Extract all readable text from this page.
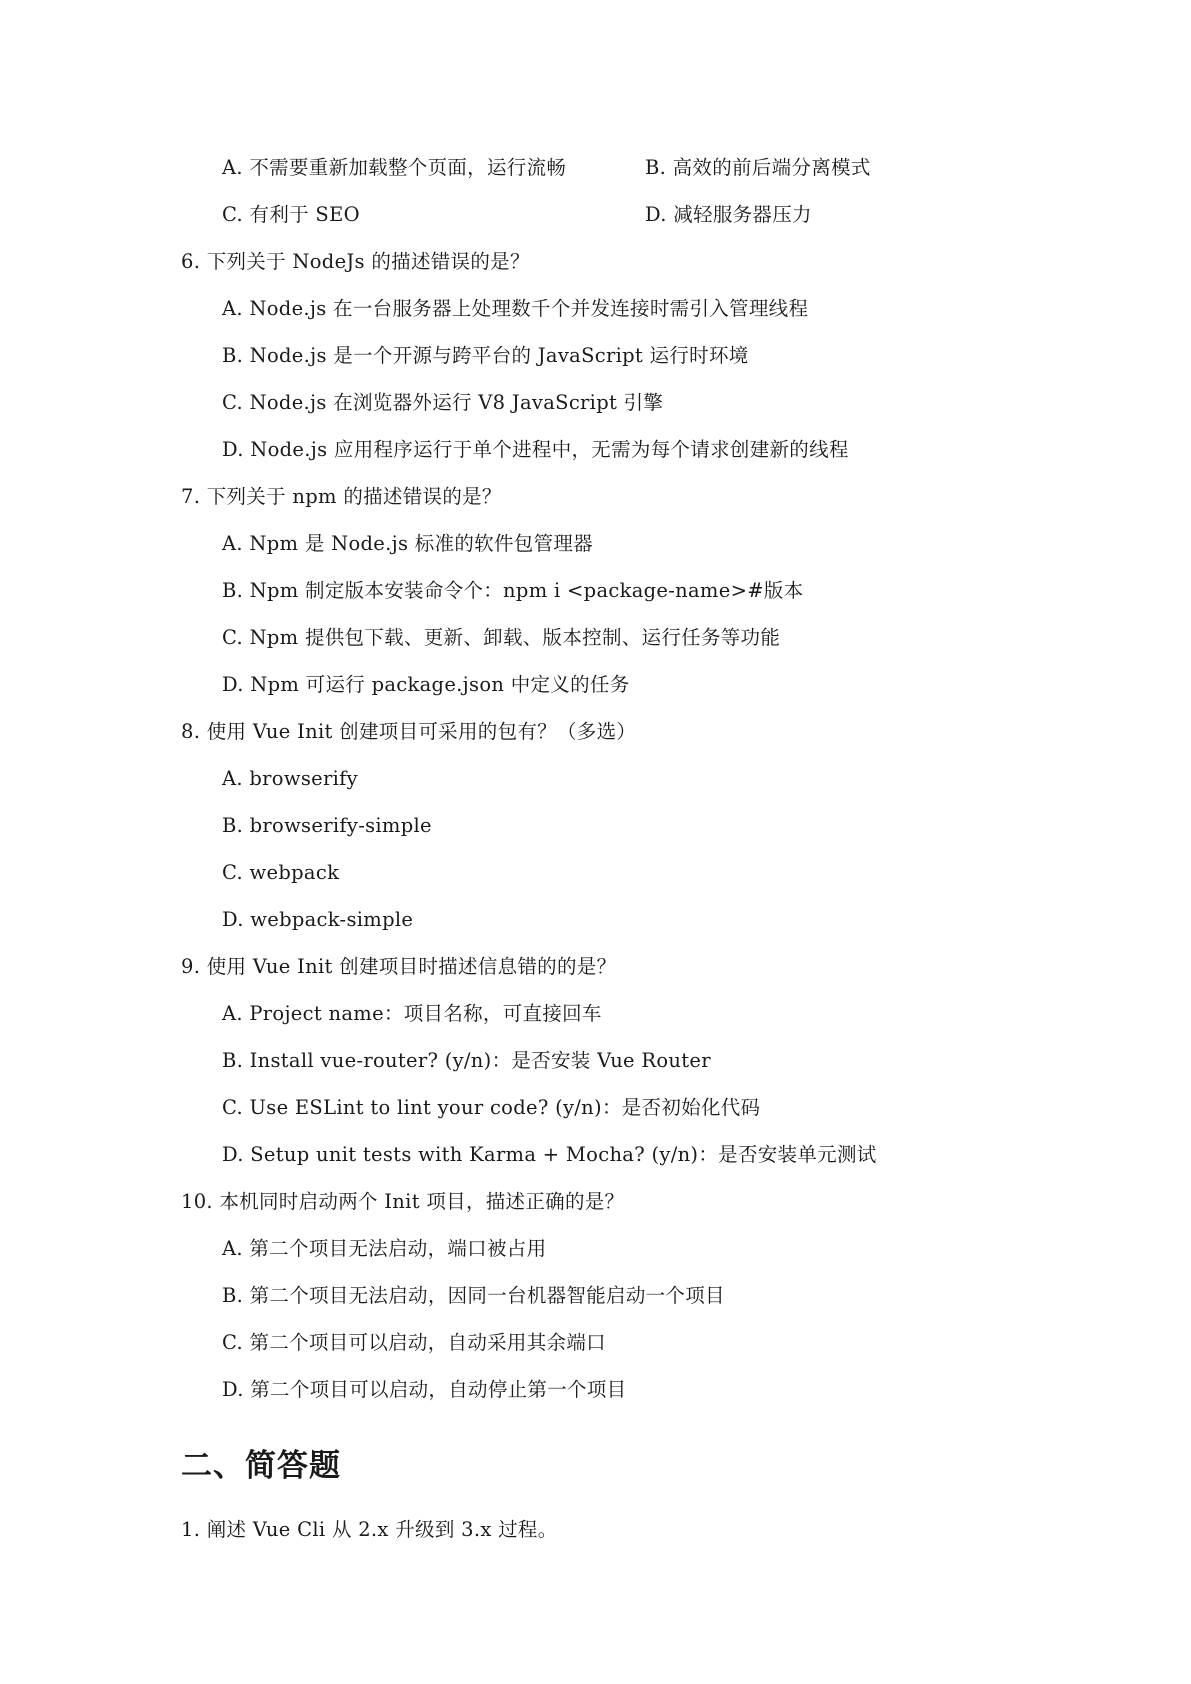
A. 不需要重新加载整个页面，运行流畅	B. 高效的前后端分离模式
C. 有利于 SEO	D. 减轻服务器压力
6. 下列关于 NodeJs 的描述错误的是？
A. Node.js 在一台服务器上处理数千个并发连接时需引入管理线程
B. Node.js 是一个开源与跨平台的 JavaScript 运行时环境
C. Node.js 在浏览器外运行 V8 JavaScript 引擎
D. Node.js 应用程序运行于单个进程中，无需为每个请求创建新的线程
7. 下列关于 npm 的描述错误的是？
A. Npm 是 Node.js 标准的软件包管理器
B. Npm 制定版本安装命令个：npm i <package-name>#版本
C. Npm 提供包下载、更新、卸载、版本控制、运行任务等功能
D. Npm 可运行 package.json 中定义的任务
8. 使用 Vue Init 创建项目可采用的包有？（多选）
A. browserify
B. browserify-simple
C. webpack
D. webpack-simple
9. 使用 Vue Init 创建项目时描述信息错的的是？
A. Project name：项目名称，可直接回车
B. Install vue-router? (y/n)：是否安装 Vue Router
C. Use ESLint to lint your code? (y/n)：是否初始化代码
D. Setup unit tests with Karma + Mocha? (y/n)：是否安装单元测试
10. 本机同时启动两个 Init 项目，描述正确的是？
A. 第二个项目无法启动，端口被占用
B. 第二个项目无法启动，因同一台机器智能启动一个项目
C. 第二个项目可以启动，自动采用其余端口
D. 第二个项目可以启动，自动停止第一个项目
二、简答题
1. 阐述 Vue Cli 从 2.x 升级到 3.x 过程。
